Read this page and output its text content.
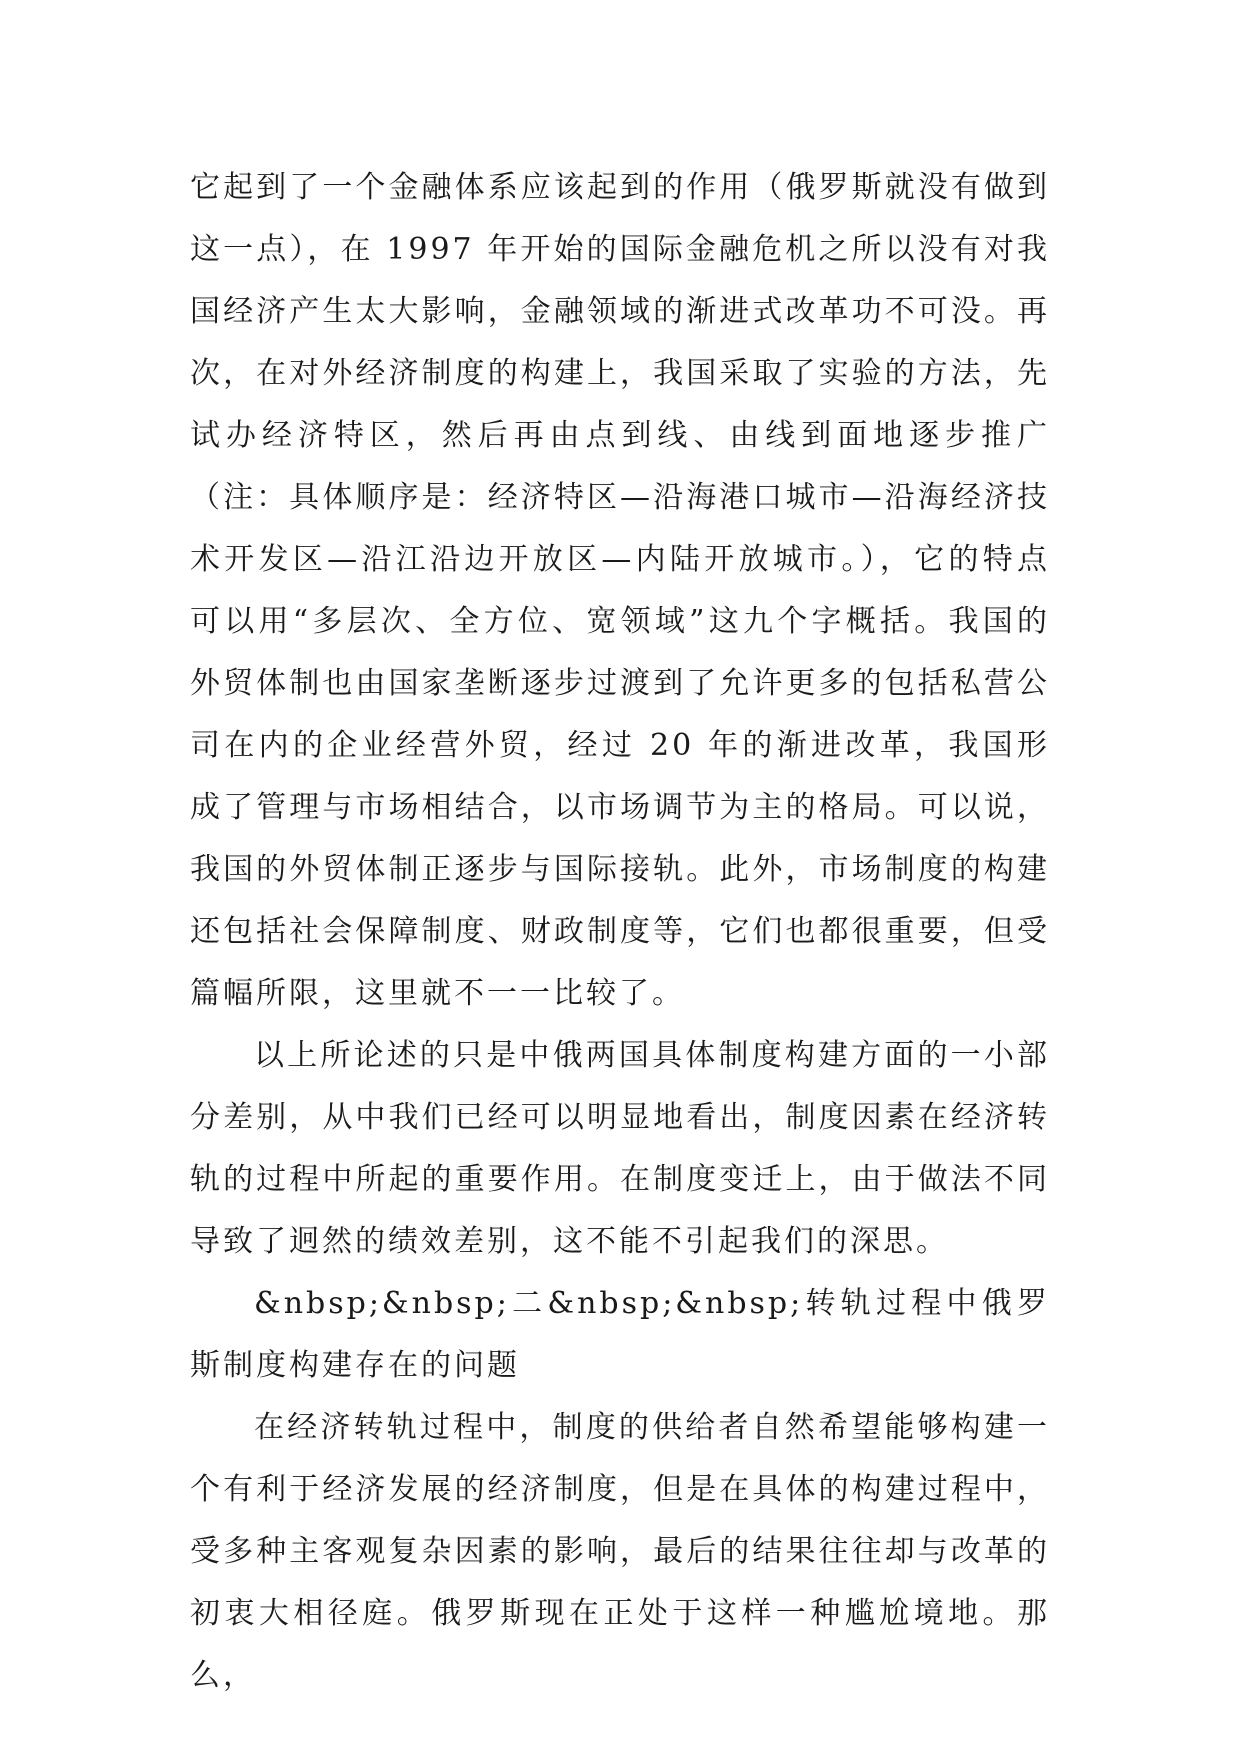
它起到了一个金融体系应该起到的作用（俄罗斯就没有做到这一点），在 1997 年开始的国际金融危机之所以没有对我国经济产生太大影响，金融领域的渐进式改革功不可没。再次，在对外经济制度的构建上，我国采取了实验的方法，先试办经济特区，然后再由点到线、由线到面地逐步推广（注：具体顺序是：经济特区—沿海港口城市—沿海经济技术开发区—沿江沿边开放区—内陆开放城市。），它的特点可以用“多层次、全方位、宽领域”这九个字概括。我国的外贸体制也由国家垄断逐步过渡到了允许更多的包括私营公司在内的企业经营外贸，经过 20 年的渐进改革，我国形成了管理与市场相结合，以市场调节为主的格局。可以说，我国的外贸体制正逐步与国际接轨。此外，市场制度的构建还包括社会保障制度、财政制度等，它们也都很重要，但受篇幅所限，这里就不一一比较了。

以上所论述的只是中俄两国具体制度构建方面的一小部分差别，从中我们已经可以明显地看出，制度因素在经济转轨的过程中所起的重要作用。在制度变迁上，由于做法不同导致了迥然的绩效差别，这不能不引起我们的深思。

&nbsp;&nbsp;二&nbsp;&nbsp;转轨过程中俄罗斯制度构建存在的问题

在经济转轨过程中，制度的供给者自然希望能够构建一个有利于经济发展的经济制度，但是在具体的构建过程中，受多种主客观复杂因素的影响，最后的结果往往却与改革的初衷大相径庭。俄罗斯现在正处于这样一种尴尬境地。那么，
